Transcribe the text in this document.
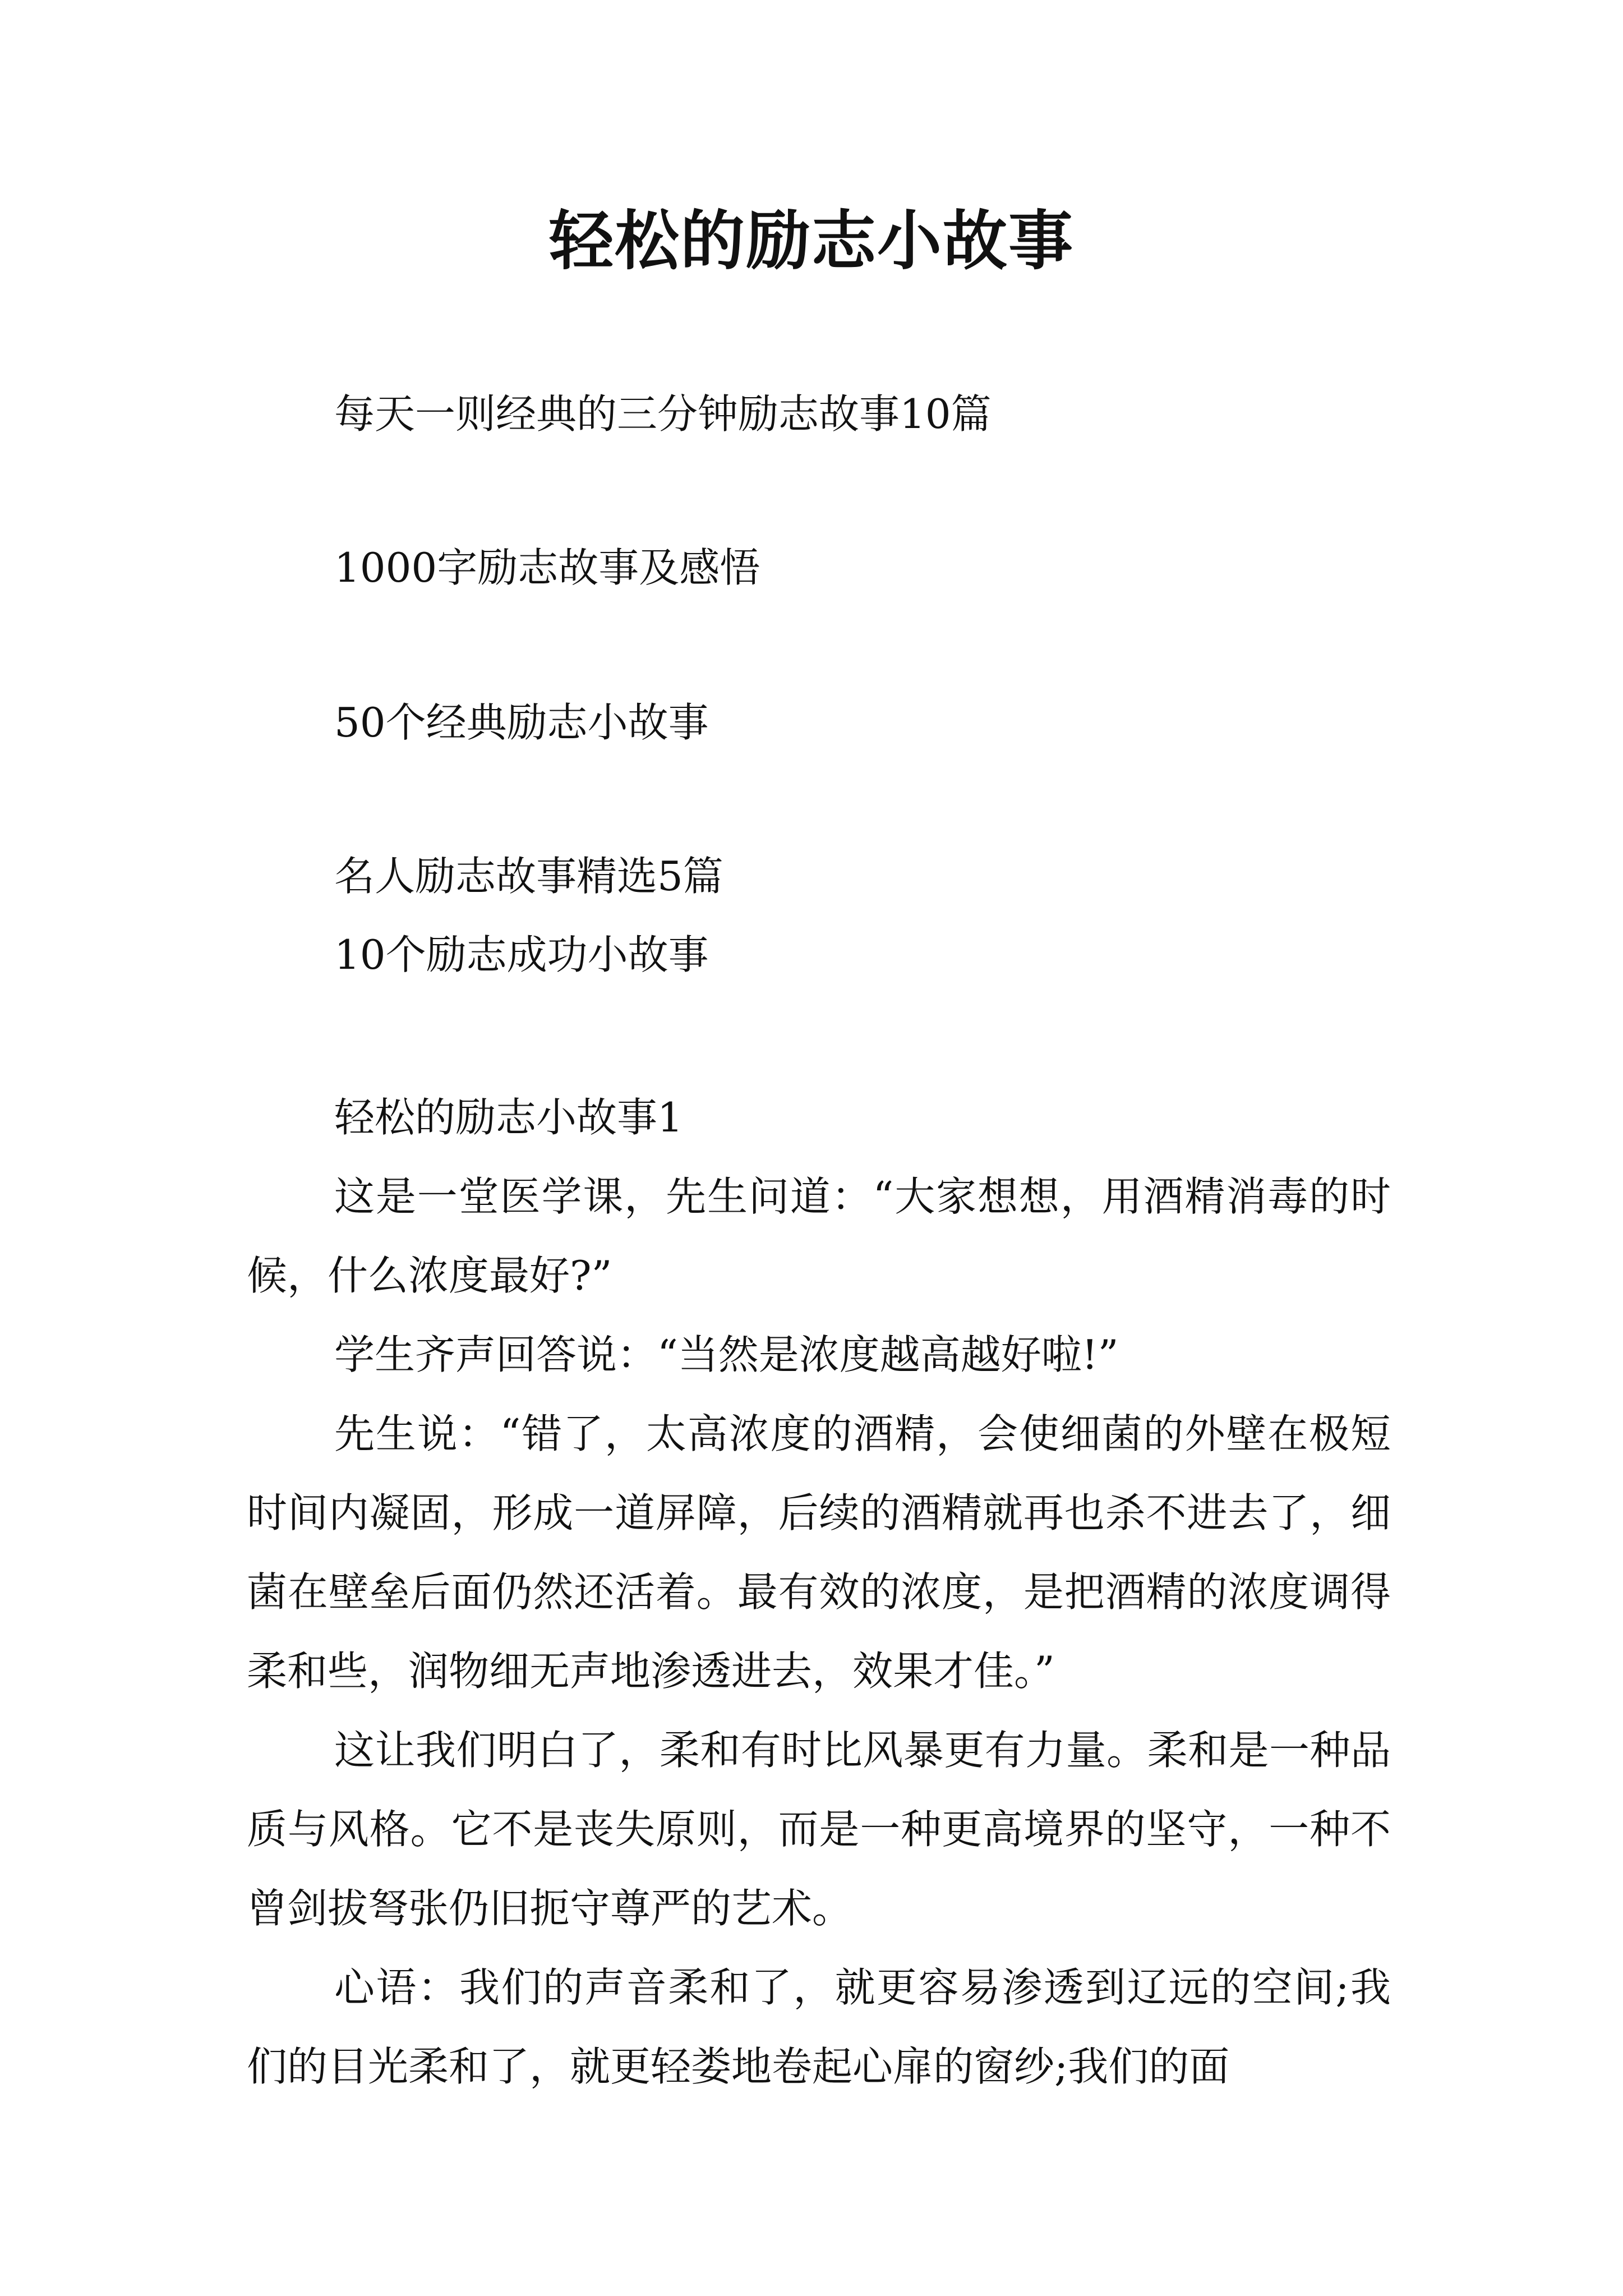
轻松的励志小故事
每天一则经典的三分钟励志故事10篇
1000字励志故事及感悟
50个经典励志小故事
名人励志故事精选5篇
10个励志成功小故事

轻松的励志小故事1

这是一堂医学课，先生问道：“大家想想，用酒精消毒的时候，什么浓度最好?”

学生齐声回答说：“当然是浓度越高越好啦!”

先生说：“错了，太高浓度的酒精，会使细菌的外壁在极短时间内凝固，形成一道屏障，后续的酒精就再也杀不进去了，细菌在壁垒后面仍然还活着。最有效的浓度，是把酒精的浓度调得柔和些，润物细无声地渗透进去，效果才佳。”

这让我们明白了，柔和有时比风暴更有力量。柔和是一种品质与风格。它不是丧失原则，而是一种更高境界的坚守，一种不曾剑拔弩张仍旧扼守尊严的艺术。

心语：我们的声音柔和了，就更容易渗透到辽远的空间;我们的目光柔和了，就更轻娄地卷起心扉的窗纱;我们的面
